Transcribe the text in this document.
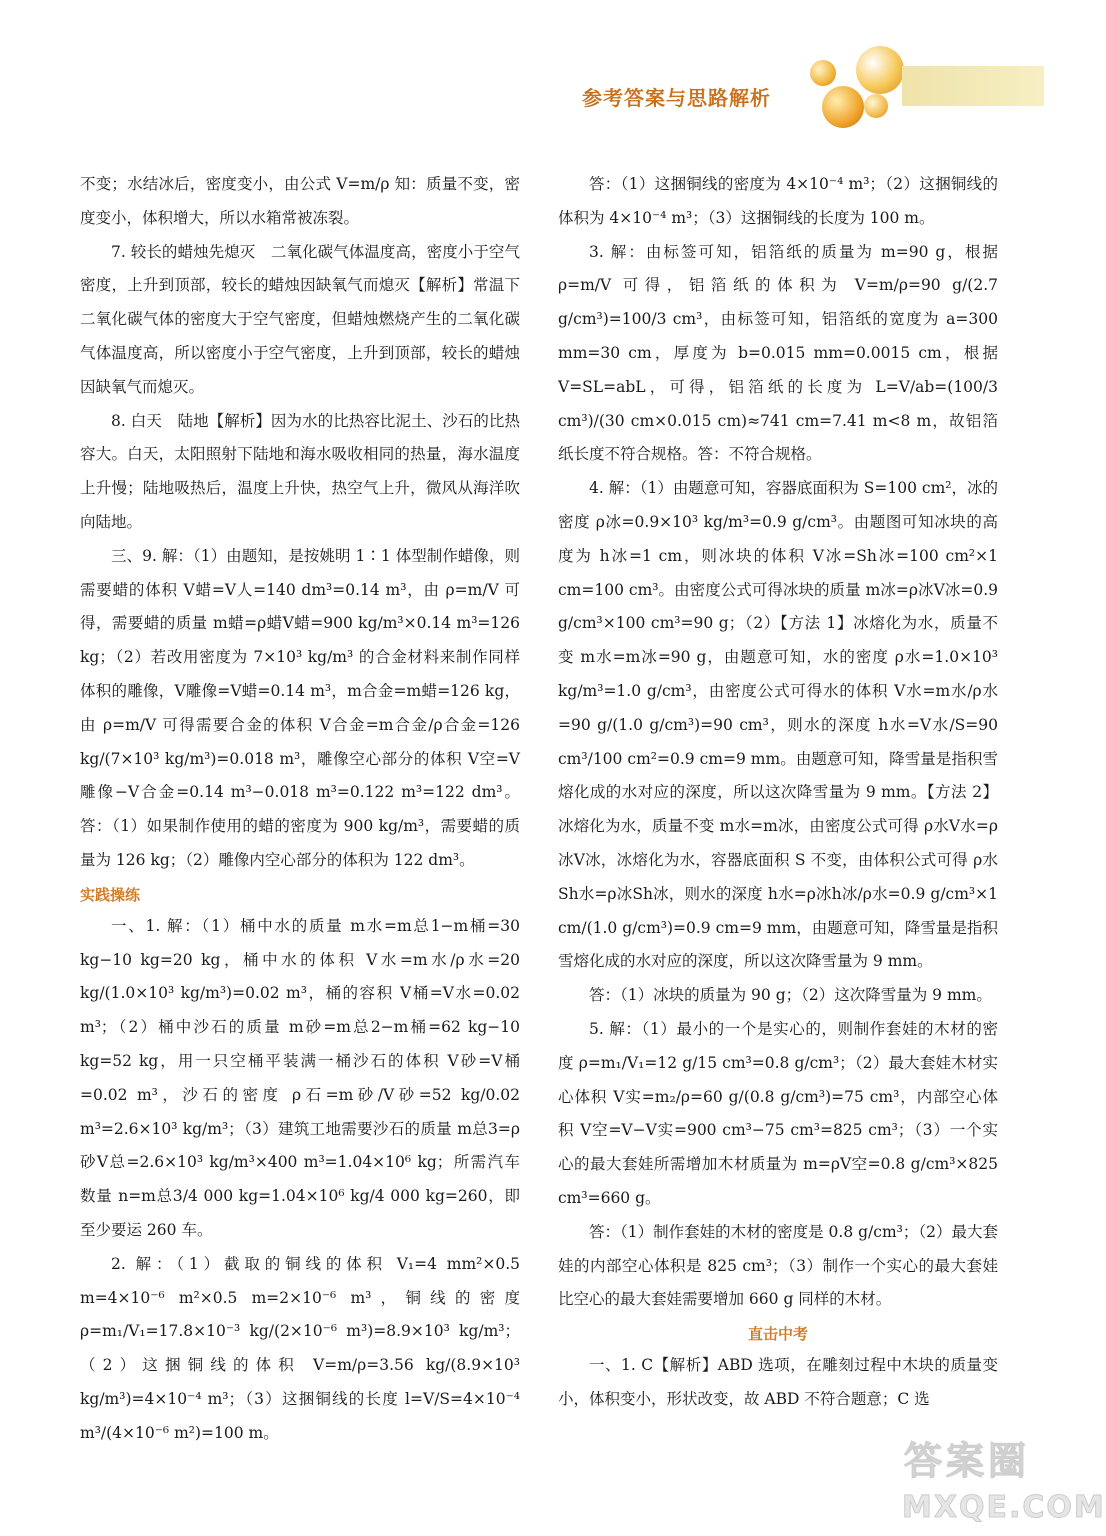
参考答案与思路解析

不变；水结冰后，密度变小，由公式 V=m/ρ 知：质量不变，密度变小，体积增大，所以水箱常被冻裂。

7. 较长的蜡烛先熄灭　二氧化碳气体温度高，密度小于空气密度，上升到顶部，较长的蜡烛因缺氧气而熄灭【解析】常温下二氧化碳气体的密度大于空气密度，但蜡烛燃烧产生的二氧化碳气体温度高，所以密度小于空气密度，上升到顶部，较长的蜡烛因缺氧气而熄灭。

8. 白天　陆地【解析】因为水的比热容比泥土、沙石的比热容大。白天，太阳照射下陆地和海水吸收相同的热量，海水温度上升慢；陆地吸热后，温度上升快，热空气上升，微风从海洋吹向陆地。

三、9. 解：（1）由题知，是按姚明 1∶1 体型制作蜡像，则需要蜡的体积 V蜡=V人=140 dm³=0.14 m³，由 ρ=m/V 可得，需要蜡的质量 m蜡=ρ蜡V蜡=900 kg/m³×0.14 m³=126 kg；（2）若改用密度为 7×10³ kg/m³ 的合金材料来制作同样体积的雕像，V雕像=V蜡=0.14 m³，m合金=m蜡=126 kg，由 ρ=m/V 可得需要合金的体积 V合金=m合金/ρ合金=126 kg/(7×10³ kg/m³)=0.018 m³，雕像空心部分的体积 V空=V雕像−V合金=0.14 m³−0.018 m³=0.122 m³=122 dm³。答：（1）如果制作使用的蜡的密度为 900 kg/m³，需要蜡的质量为 126 kg；（2）雕像内空心部分的体积为 122 dm³。

实践操练

一、1. 解：（1）桶中水的质量 m水=m总1−m桶=30 kg−10 kg=20 kg，桶中水的体积 V水=m水/ρ水=20 kg/(1.0×10³ kg/m³)=0.02 m³，桶的容积 V桶=V水=0.02 m³；（2）桶中沙石的质量 m砂=m总2−m桶=62 kg−10 kg=52 kg，用一只空桶平装满一桶沙石的体积 V砂=V桶=0.02 m³，沙石的密度 ρ石=m砂/V砂=52 kg/0.02 m³=2.6×10³ kg/m³；（3）建筑工地需要沙石的质量 m总3=ρ砂V总=2.6×10³ kg/m³×400 m³=1.04×10⁶ kg；所需汽车数量 n=m总3/4 000 kg=1.04×10⁶ kg/4 000 kg=260，即至少要运 260 车。

2. 解：（1）截取的铜线的体积 V₁=4 mm²×0.5 m=4×10⁻⁶ m²×0.5 m=2×10⁻⁶ m³，铜线的密度 ρ=m₁/V₁=17.8×10⁻³ kg/(2×10⁻⁶ m³)=8.9×10³ kg/m³；（2）这捆铜线的体积 V=m/ρ=3.56 kg/(8.9×10³ kg/m³)=4×10⁻⁴ m³；（3）这捆铜线的长度 l=V/S=4×10⁻⁴ m³/(4×10⁻⁶ m²)=100 m。

答：（1）这捆铜线的密度为 4×10⁻⁴ m³；（2）这捆铜线的体积为 4×10⁻⁴ m³；（3）这捆铜线的长度为 100 m。

3. 解：由标签可知，铝箔纸的质量为 m=90 g，根据 ρ=m/V 可得，铝箔纸的体积为 V=m/ρ=90 g/(2.7 g/cm³)=100/3 cm³，由标签可知，铝箔纸的宽度为 a=300 mm=30 cm，厚度为 b=0.015 mm=0.0015 cm，根据 V=SL=abL，可得，铝箔纸的长度为 L=V/ab=(100/3 cm³)/(30 cm×0.015 cm)≈741 cm=7.41 m<8 m，故铝箔纸长度不符合规格。答：不符合规格。

4. 解：（1）由题意可知，容器底面积为 S=100 cm²，冰的密度 ρ冰=0.9×10³ kg/m³=0.9 g/cm³。由题图可知冰块的高度为 h冰=1 cm，则冰块的体积 V冰=Sh冰=100 cm²×1 cm=100 cm³。由密度公式可得冰块的质量 m冰=ρ冰V冰=0.9 g/cm³×100 cm³=90 g；（2）【方法 1】冰熔化为水，质量不变 m水=m冰=90 g，由题意可知，水的密度 ρ水=1.0×10³ kg/m³=1.0 g/cm³，由密度公式可得水的体积 V水=m水/ρ水=90 g/(1.0 g/cm³)=90 cm³，则水的深度 h水=V水/S=90 cm³/100 cm²=0.9 cm=9 mm。由题意可知，降雪量是指积雪熔化成的水对应的深度，所以这次降雪量为 9 mm。【方法 2】冰熔化为水，质量不变 m水=m冰，由密度公式可得 ρ水V水=ρ冰V冰，冰熔化为水，容器底面积 S 不变，由体积公式可得 ρ水Sh水=ρ冰Sh冰，则水的深度 h水=ρ冰h冰/ρ水=0.9 g/cm³×1 cm/(1.0 g/cm³)=0.9 cm=9 mm，由题意可知，降雪量是指积雪熔化成的水对应的深度，所以这次降雪量为 9 mm。

答：（1）冰块的质量为 90 g；（2）这次降雪量为 9 mm。

5. 解：（1）最小的一个是实心的，则制作套娃的木材的密度 ρ=m₁/V₁=12 g/15 cm³=0.8 g/cm³；（2）最大套娃木材实心体积 V实=m₂/ρ=60 g/(0.8 g/cm³)=75 cm³，内部空心体积 V空=V−V实=900 cm³−75 cm³=825 cm³；（3）一个实心的最大套娃所需增加木材质量为 m=ρV空=0.8 g/cm³×825 cm³=660 g。

答：（1）制作套娃的木材的密度是 0.8 g/cm³；（2）最大套娃的内部空心体积是 825 cm³；（3）制作一个实心的最大套娃比空心的最大套娃需要增加 660 g 同样的木材。

直击中考

一、1. C【解析】ABD 选项，在雕刻过程中木块的质量变小，体积变小，形状改变，故 ABD 不符合题意；C 选

答案圈
MXQE.COM
